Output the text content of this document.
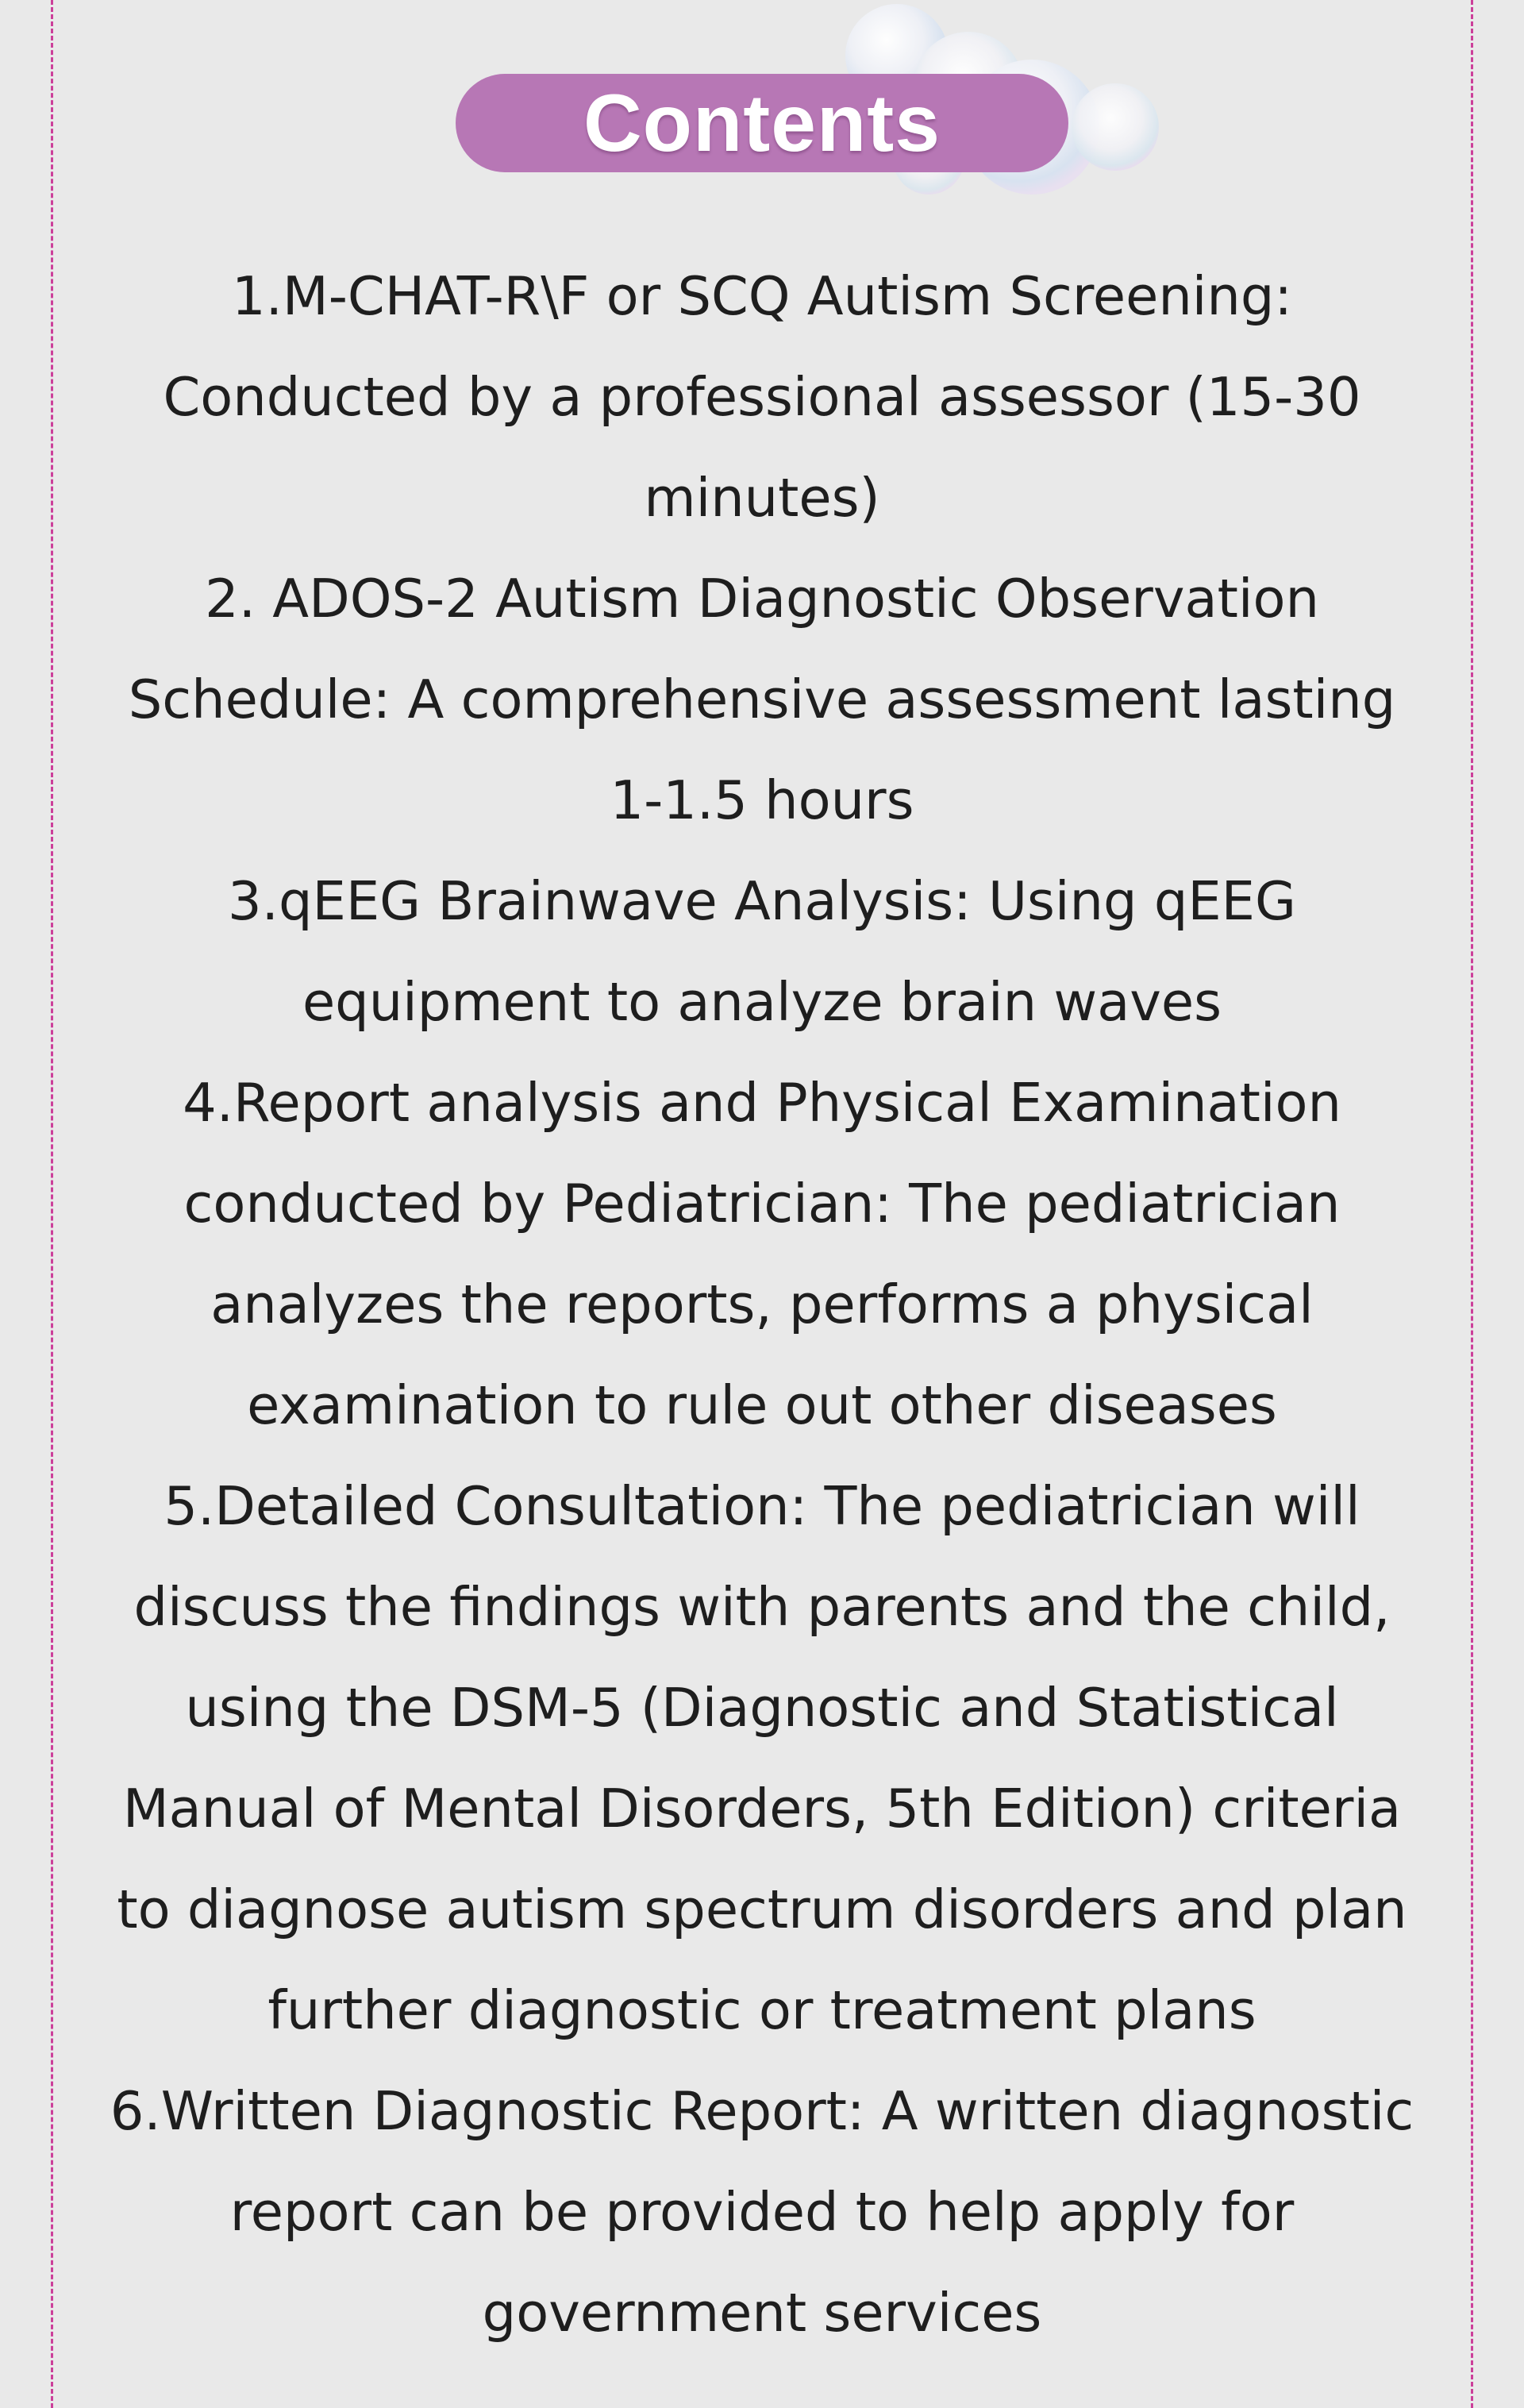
Contents

1.M-CHAT-R\F or SCQ Autism Screening: Conducted by a professional assessor (15-30 minutes)

2. ADOS-2 Autism Diagnostic Observation Schedule: A comprehensive assessment lasting 1-1.5 hours

3.qEEG Brainwave Analysis: Using qEEG equipment to analyze brain waves

4.Report analysis and Physical Examination conducted by Pediatrician: The pediatrician analyzes the reports, performs a physical examination to rule out other diseases

5.Detailed Consultation: The pediatrician will discuss the findings with parents and the child, using the DSM-5 (Diagnostic and Statistical Manual of Mental Disorders, 5th Edition) criteria to diagnose autism spectrum disorders and plan further diagnostic or treatment plans

6.Written Diagnostic Report: A written diagnostic report can be provided to help apply for government services
